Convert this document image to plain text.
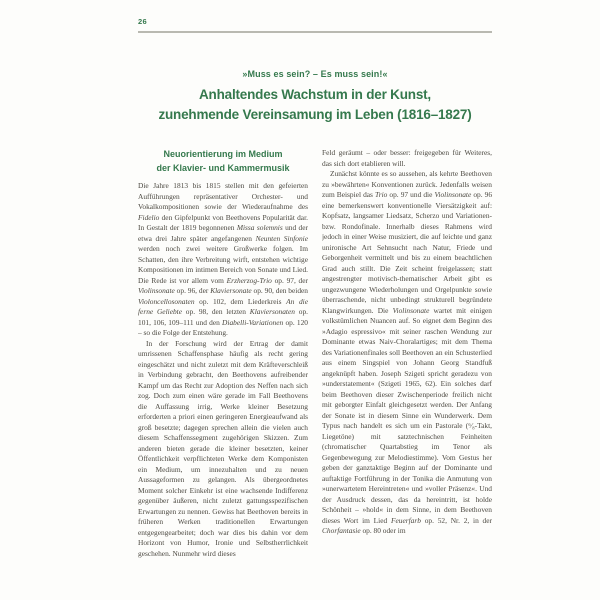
26
»Muss es sein? – Es muss sein!«
Anhaltendes Wachstum in der Kunst,
zunehmende Vereinsamung im Leben (1816–1827)
Neuorientierung im Medium
der Klavier- und Kammermusik

Die Jahre 1813 bis 1815 stellen mit den gefeierten Aufführungen repräsentativer Orchester- und Vokalkompositionen sowie der Wiederaufnahme des Fidelio den Gipfelpunkt von Beethovens Popularität dar. In Gestalt der 1819 begonnenen Missa solemnis und der etwa drei Jahre später angefangenen Neunten Sinfonie werden noch zwei weitere Großwerke folgen. Im Schatten, den ihre Verbreitung wirft, entstehen wichtige Kompositionen im intimen Bereich von Sonate und Lied. Die Rede ist vor allem vom Erzherzog-Trio op. 97, der Violinsonate op. 96, der Klaviersonate op. 90, den beiden Violoncellosonaten op. 102, dem Liederkreis An die ferne Geliebte op. 98, den letzten Klaviersonaten op. 101, 106, 109–111 und den Diabelli-Variationen op. 120 – so die Folge der Entstehung.

In der Forschung wird der Ertrag der damit umrissenen Schaffensphase häufig als recht gering eingeschätzt und nicht zuletzt mit dem Kräfteverschleiß in Verbindung gebracht, den Beethovens aufreibender Kampf um das Recht zur Adoption des Neffen nach sich zog. Doch zum einen wäre gerade im Fall Beethovens die Auffassung irrig, Werke kleiner Besetzung erforderten a priori einen geringeren Energieaufwand als groß besetzte; dagegen sprechen allein die vielen auch diesem Schaffenssegment zugehörigen Skizzen. Zum anderen bieten gerade die kleiner besetzten, keiner Öffentlichkeit verpflichteten Werke dem Komponisten ein Medium, um innezuhalten und zu neuen Aussageformen zu gelangen. Als übergeordnetes Moment solcher Einkehr ist eine wachsende Indifferenz gegenüber äußeren, nicht zuletzt gattungsspezifischen Erwartungen zu nennen. Gewiss hat Beethoven bereits in früheren Werken traditionellen Erwartungen entgegengearbeitet; doch war dies bis dahin vor dem Horizont von Humor, Ironie und Selbstherrlichkeit geschehen. Nunmehr wird dieses

Feld geräumt – oder besser: freigegeben für Weiteres, das sich dort etablieren will.

Zunächst könnte es so aussehen, als kehrte Beethoven zu »bewährten« Konventionen zurück. Jedenfalls weisen zum Beispiel das Trio op. 97 und die Violinsonate op. 96 eine bemerkenswert konventionelle Viersätzigkeit auf: Kopfsatz, langsamer Liedsatz, Scherzo und Variationen- bzw. Rondofinale. Innerhalb dieses Rahmens wird jedoch in einer Weise musiziert, die auf leichte und ganz unironische Art Sehnsucht nach Natur, Friede und Geborgenheit vermittelt und bis zu einem beachtlichen Grad auch stillt. Die Zeit scheint freigelassen; statt angestrengter motivisch-thematischer Arbeit gibt es ungezwungene Wiederholungen und Orgelpunkte sowie überraschende, nicht unbedingt strukturell begründete Klangwirkungen. Die Violinsonate wartet mit einigen volkstümlichen Nuancen auf. So eignet dem Beginn des »Adagio espressivo« mit seiner raschen Wendung zur Dominante etwas Naiv-Choralartiges; mit dem Thema des Variationenfinales soll Beethoven an ein Schusterlied aus einem Singspiel von Johann Georg Standfuß angeknüpft haben. Joseph Szigeti spricht geradezu von »understatement« (Szigeti 1965, 62). Ein solches darf beim Beethoven dieser Zwischenperiode freilich nicht mit geborgter Einfalt gleichgesetzt werden. Der Anfang der Sonate ist in diesem Sinne ein Wunderwerk. Dem Typus nach handelt es sich um ein Pastorale (⁶⁄₈-Takt, Liegetöne) mit satztechnischen Feinheiten (chromatischer Quartabstieg im Tenor als Gegenbewegung zur Melodiestimme). Vom Gestus her geben der ganztaktige Beginn auf der Dominante und auftaktige Fortführung in der Tonika die Anmutung von »unerwartetem Hereintreten« und »voller Präsenz«. Und der Ausdruck dessen, das da hereintritt, ist holde Schönheit – »hold« in dem Sinne, in dem Beethoven dieses Wort im Lied Feuerfarb op. 52, Nr. 2, in der Chorfantasie op. 80 oder im
